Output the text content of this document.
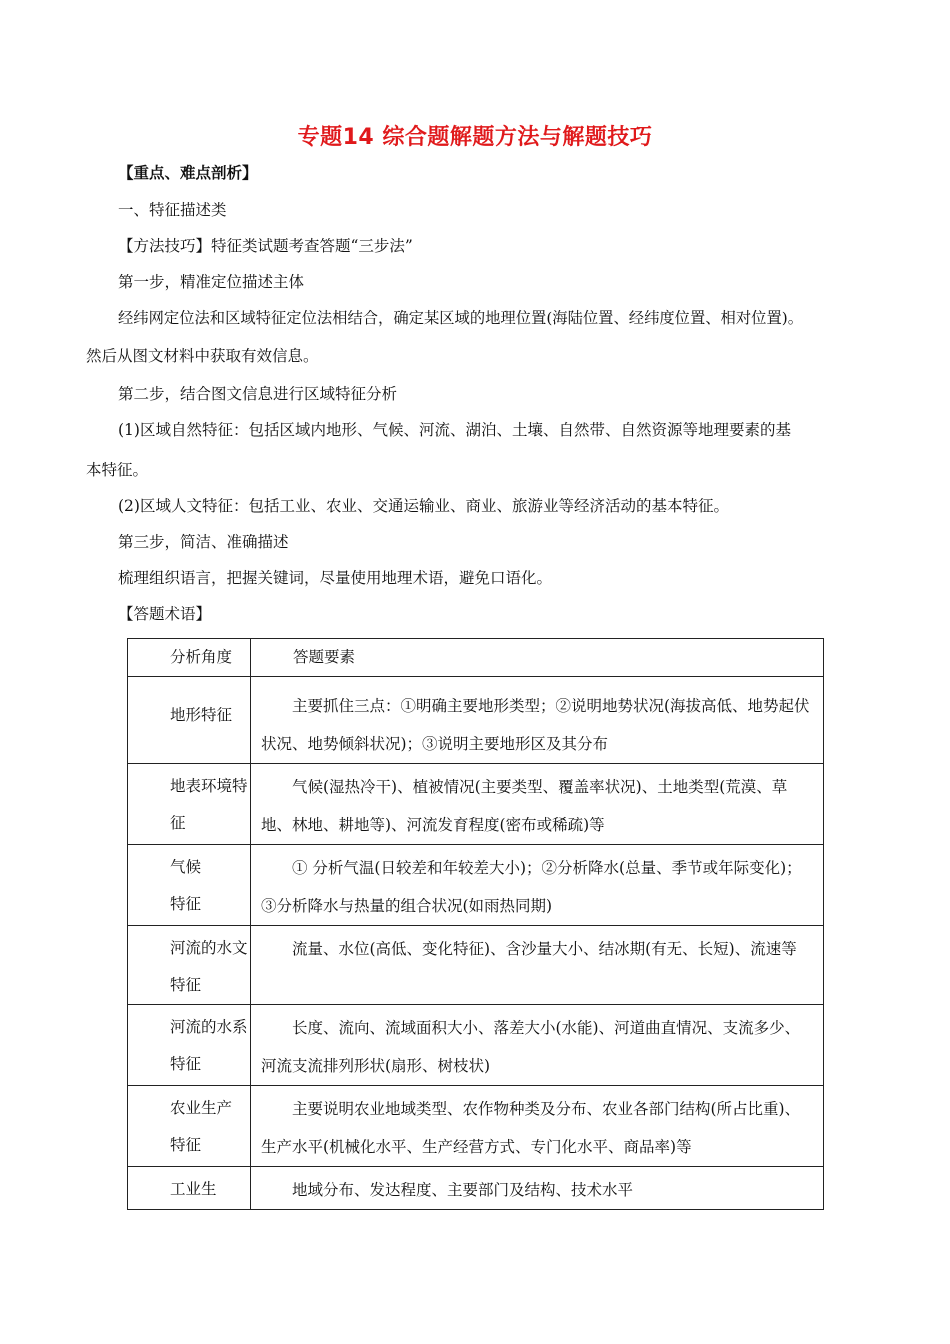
专题14 综合题解题方法与解题技巧
【重点、难点剖析】
一、特征描述类
【方法技巧】特征类试题考查答题“三步法”
第一步，精准定位描述主体
经纬网定位法和区域特征定位法相结合，确定某区域的地理位置(海陆位置、经纬度位置、相对位置)。
然后从图文材料中获取有效信息。
第二步，结合图文信息进行区域特征分析
(1)区域自然特征：包括区域内地形、气候、河流、湖泊、土壤、自然带、自然资源等地理要素的基
本特征。
(2)区域人文特征：包括工业、农业、交通运输业、商业、旅游业等经济活动的基本特征。
第三步，简洁、准确描述
梳理组织语言，把握关键词，尽量使用地理术语，避免口语化。
【答题术语】
分析角度	答题要素

地形特征	主要抓住三点：①明确主要地形类型；②说明地势状况(海拔高低、地势起伏状况、地势倾斜状况)；③说明主要地形区及其分布

地表环境特征	气候(湿热冷干)、植被情况(主要类型、覆盖率状况)、土地类型(荒漠、草地、林地、耕地等)、河流发育程度(密布或稀疏)等

气候特征	① 分析气温(日较差和年较差大小)；②分析降水(总量、季节或年际变化)；③分析降水与热量的组合状况(如雨热同期)

河流的水文特征	流量、水位(高低、变化特征)、含沙量大小、结冰期(有无、长短)、流速等

河流的水系特征	长度、流向、流域面积大小、落差大小(水能)、河道曲直情况、支流多少、河流支流排列形状(扇形、树枝状)

农业生产特征	主要说明农业地域类型、农作物种类及分布、农业各部门结构(所占比重)、生产水平(机械化水平、生产经营方式、专门化水平、商品率)等

工业生	地域分布、发达程度、主要部门及结构、技术水平
